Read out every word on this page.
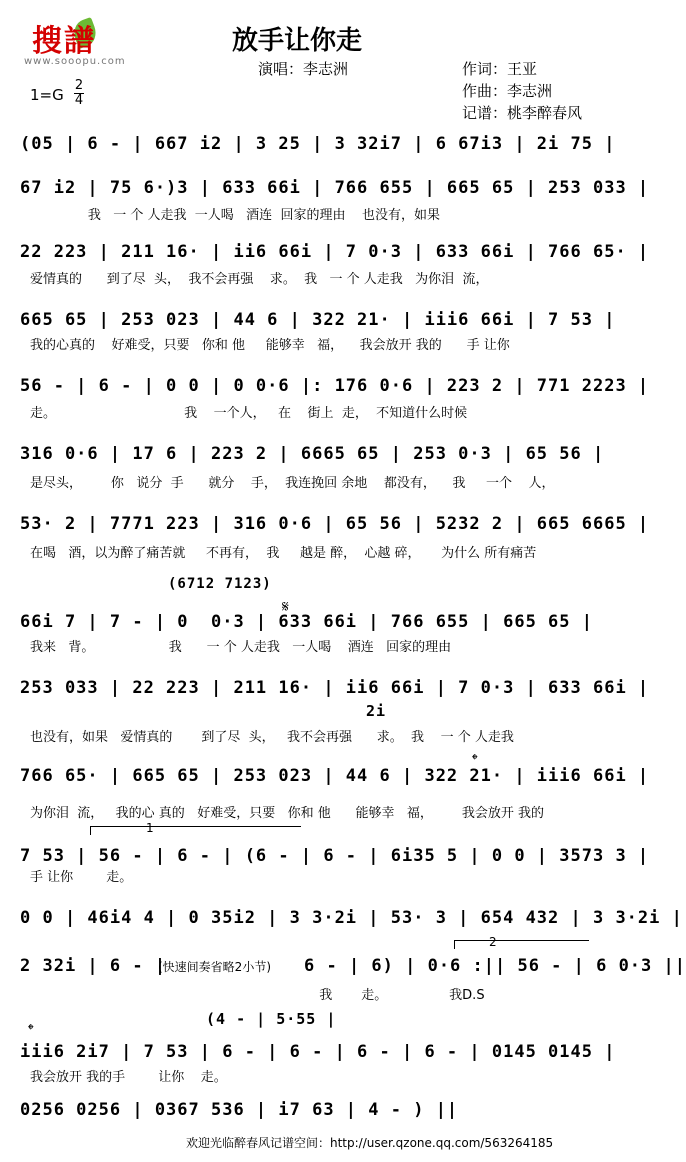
搜譜
www.sooopu.com
放手让你走
演唱：李志洲	作词：王亚
作曲：李志洲
记谱：桃李醉春风
1=G
2
4
(05 | 6 - | 667 i2 | 3 25 | 3 32i7 | 6 67i3 | 2i 75 |
67 i2 | 75 6·)3 | 633 66i | 766 655 | 665 65 | 253 033 |
我   一 个 人走我  一人喝   酒连  回家的理由    也没有，如果
22 223 | 211 16· | ii6 66i | 7 0·3 | 633 66i | 766 65· |
爱情真的      到了尽  头，  我不会再强    求。  我   一 个 人走我   为你泪  流，
665 65 | 253 023 | 44 6 | 322 21· | iii6 66i | 7 53 |
我的心真的    好难受，只要   你和 他     能够幸   福，    我会放开 我的      手 让你
56 - | 6 - | 0 0 | 0 0·6 |: 176 0·6 | 223 2 | 771 2223 |
走。                               我    一个人，   在    街上  走，  不知道什么时候
316 0·6 | 17 6 | 223 2 | 6665 65 | 253 0·3 | 65 56 |
是尽头，       你   说分  手      就分    手，  我连挽回 余地    都没有，    我     一个    人，
53· 2 | 7771 223 | 316 0·6 | 65 56 | 5232 2 | 665 6665 |
在喝   酒，以为醉了痛苦就     不再有，  我     越是 醉，  心越 碎，     为什么 所有痛苦
(6712 7123)
𝄋
66i 7 | 7 - | 0  0·3 | 633 66i | 766 655 | 665 65 |
我来   背。                  我      一 个 人走我   一人喝    酒连   回家的理由
253 033 | 22 223 | 211 16· | ii6 66i | 7 0·3 | 633 66i |
2i
也没有，如果   爱情真的       到了尽  头，   我不会再强      求。  我    一 个 人走我
𝄌
766 65· | 665 65 | 253 023 | 44 6 | 322 21· | iii6 66i |
为你泪  流，   我的心 真的   好难受，只要   你和 他      能够幸   福，       我会放开 我的
1
7 53 | 56 - | 6 - | (6 - | 6 - | 6i35 5 | 0 0 | 3573 3 |
手 让你        走。
0 0 | 46i4 4 | 0 35i2 | 3 3·2i | 53· 3 | 654 432 | 3 3·2i |
2
2 32i | 6 - |
(快速间奏省略2小节) 6 - | 6) | 0·6 :|| 56 - | 6 0·3 ||
我       走。               我D.S
(4 - | 5·55 |
𝄌
iii6 2i7 | 7 53 | 6 - | 6 - | 6 - | 6 - | 0145 0145 |
我会放开 我的手        让你    走。
0256 0256 | 0367 536 | i7 63 | 4 - ) ||
欢迎光临醉春风记谱空间：http://user.qzone.qq.com/563264185
